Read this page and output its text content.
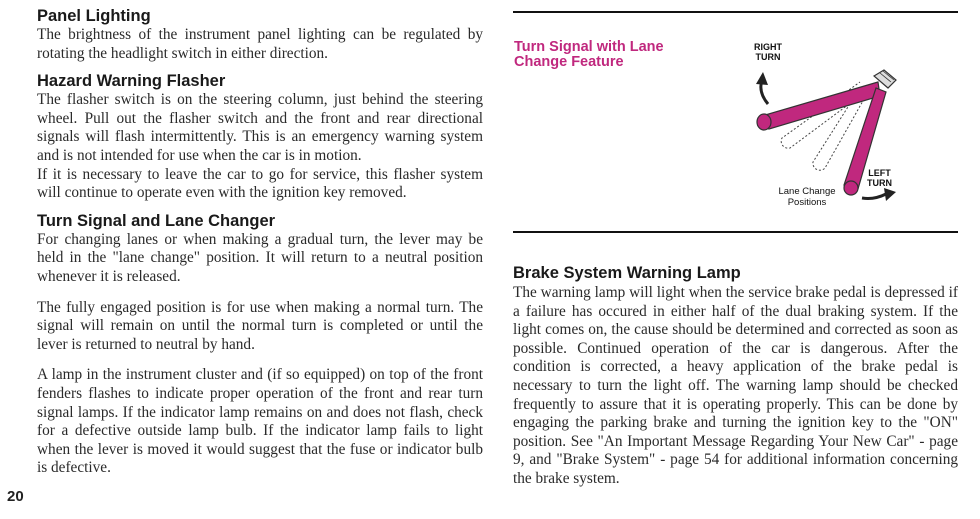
Panel Lighting

The brightness of the instrument panel lighting can be regulated by rotating the headlight switch in either direction.

Hazard Warning Flasher

The flasher switch is on the steering column, just behind the steering wheel. Pull out the flasher switch and the front and rear directional signals will flash intermittently. This is an emergency warning system and is not intended for use when the car is in motion.

If it is necessary to leave the car to go for service, this flasher system will continue to operate even with the ignition key removed.

Turn Signal and Lane Changer

For changing lanes or when making a gradual turn, the lever may be held in the "lane change" position. It will return to a neutral position whenever it is released.

The fully engaged position is for use when making a normal turn. The signal will remain on until the normal turn is completed or until the lever is returned to neutral by hand.

A lamp in the instrument cluster and (if so equipped) on top of the front fenders flashes to indicate proper operation of the front and rear turn signal lamps. If the indicator lamp remains on and does not flash, check for a defective outside lamp bulb. If the indicator lamp fails to light when the lever is moved it would suggest that the fuse or indicator bulb is defective.

20
Turn Signal with Lane Change Feature
RIGHT TURN
LEFT TURN
Lane Change Positions
Brake System Warning Lamp

The warning lamp will light when the service brake pedal is depressed if a failure has occured in either half of the dual braking system. If the light comes on, the cause should be determined and corrected as soon as possible. Continued operation of the car is dangerous. After the condition is corrected, a heavy application of the brake pedal is necessary to turn the light off. The warning lamp should be checked frequently to assure that it is operating properly. This can be done by engaging the parking brake and turning the ignition key to the "ON" position. See "An Important Message Regarding Your New Car" - page 9, and "Brake System" - page 54 for additional information concerning the brake system.
